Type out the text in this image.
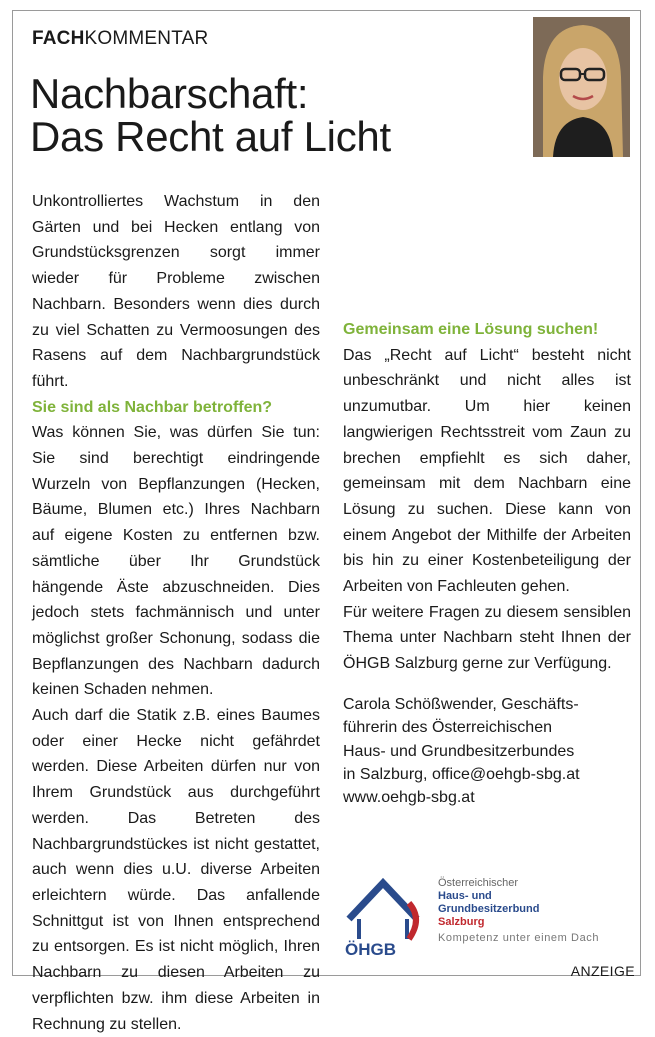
FACHKOMMENTAR
Nachbarschaft:
Das Recht auf Licht

Unkontrolliertes Wachstum in den Gärten und bei Hecken entlang von Grundstücksgrenzen sorgt immer wieder für Probleme zwischen Nachbarn. Besonders wenn dies durch zu viel Schatten zu Vermoosungen des Rasens auf dem Nachbargrundstück führt.

Sie sind als Nachbar betroffen?

Was können Sie, was dürfen Sie tun: Sie sind berechtigt eindringende Wurzeln von Bepflanzungen (Hecken, Bäume, Blumen etc.) Ihres Nachbarn auf eigene Kosten zu entfernen bzw. sämtliche über Ihr Grundstück hängende Äste abzuschneiden. Dies jedoch stets fachmännisch und unter möglichst großer Schonung, sodass die Bepflanzungen des Nachbarn dadurch keinen Schaden nehmen.

Auch darf die Statik z.B. eines Baumes oder einer Hecke nicht gefährdet werden. Diese Arbeiten dürfen nur von Ihrem Grundstück aus durchgeführt werden. Das Betreten des Nachbargrundstückes ist nicht gestattet, auch wenn dies u.U. diverse Arbeiten erleichtern würde. Das anfallende Schnittgut ist von Ihnen entsprechend zu entsorgen. Es ist nicht möglich, Ihren Nachbarn zu diesen Arbeiten zu verpflichten bzw. ihm diese Arbeiten in Rechnung zu stellen.

Gemeinsam eine Lösung suchen!

Das „Recht auf Licht“ besteht nicht unbeschränkt und nicht alles ist unzumutbar. Um hier keinen langwierigen Rechtsstreit vom Zaun zu brechen empfiehlt es sich daher, gemeinsam mit dem Nachbarn eine Lösung zu suchen. Diese kann von einem Angebot der Mithilfe der Arbeiten bis hin zu einer Kostenbeteiligung der Arbeiten von Fachleuten gehen.

Für weitere Fragen zu diesem sensiblen Thema unter Nachbarn steht Ihnen der ÖHGB Salzburg gerne zur Verfügung.

Carola Schößwender, Geschäfts-
führerin des Österreichischen
Haus- und Grundbesitzerbundes
in Salzburg, office@oehgb-sbg.at
www.oehgb-sbg.at

ÖHGB
Österreichischer
Haus- und
Grundbesitzerbund
Salzburg
Kompetenz unter einem Dach
ANZEIGE
